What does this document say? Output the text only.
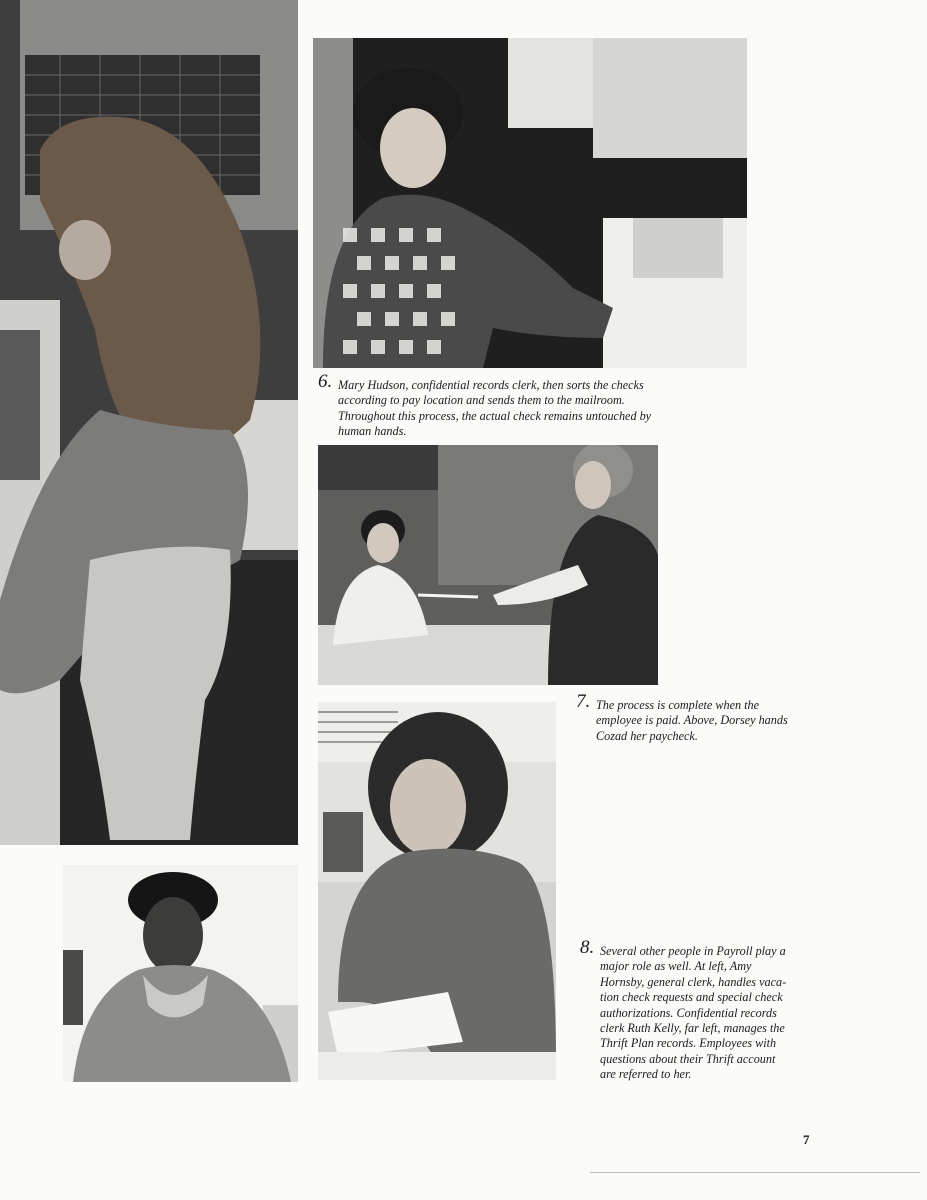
6. Mary Hudson, confidential records clerk, then sorts the checks
according to pay location and sends them to the mailroom.
Throughout this process, the actual check remains untouched by
human hands.
7. The process is complete when the
employee is paid. Above, Dorsey hands
Cozad her paycheck.
8. Several other people in Payroll play a
major role as well. At left, Amy
Hornsby, general clerk, handles vaca-
tion check requests and special check
authorizations. Confidential records
clerk Ruth Kelly, far left, manages the
Thrift Plan records. Employees with
questions about their Thrift account
are referred to her.
7
